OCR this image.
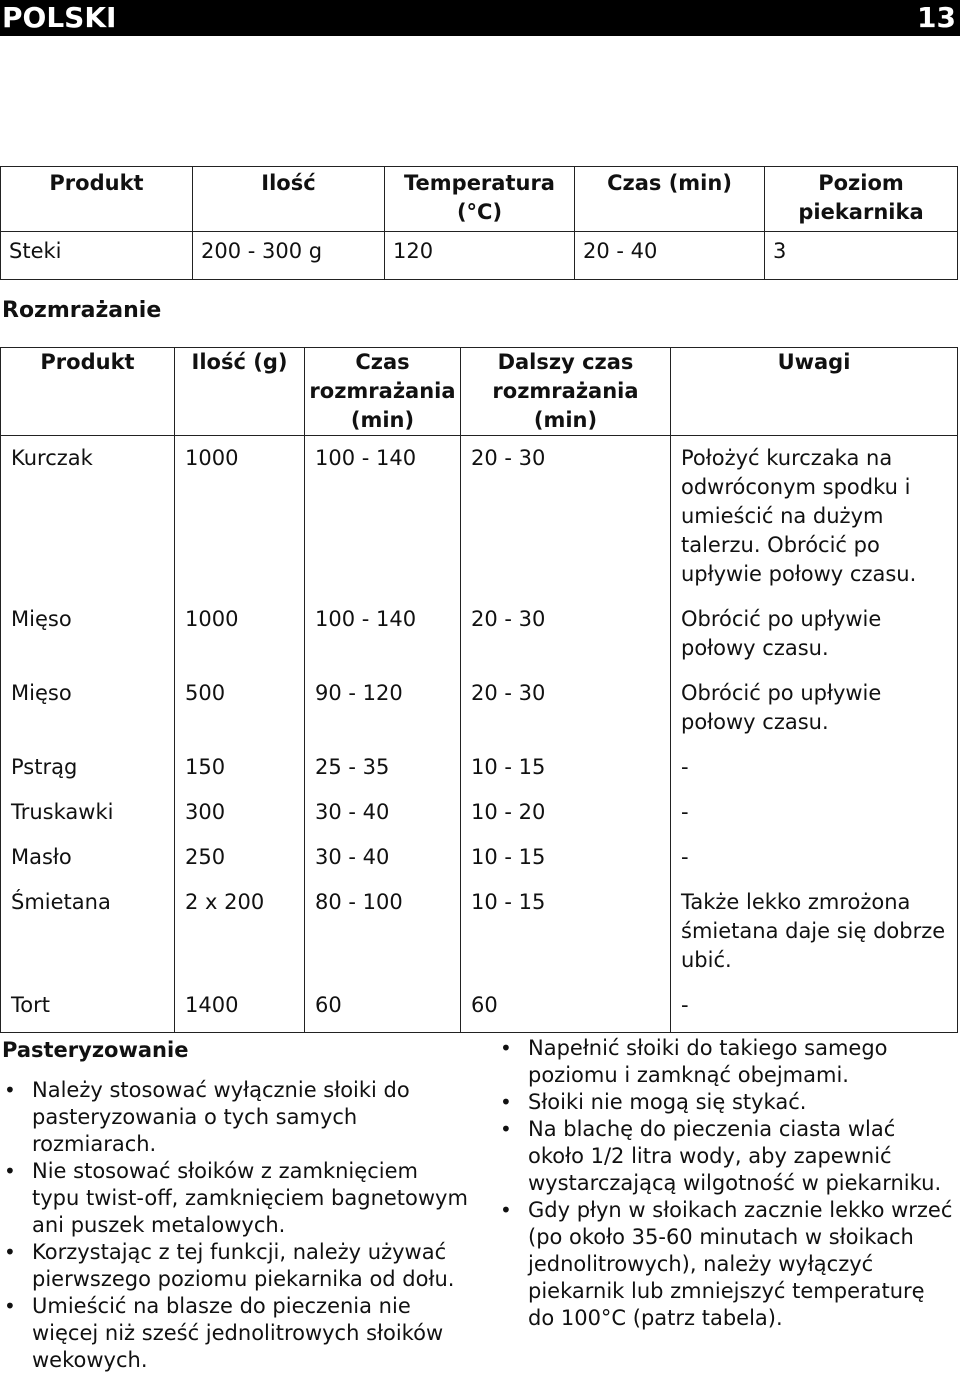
POLSKI	13
Produkt	Ilość	Temperatura (°C)	Czas (min)	Poziom piekarnika
Steki	200 - 300 g	120	20 - 40	3
Rozmrażanie
Produkt	Ilość (g)	Czas rozmrażania (min)	Dalszy czas rozmrażania (min)	Uwagi
Kurczak	1000	100 - 140	20 - 30	Położyć kurczaka na odwróconym spodku i umieścić na dużym talerzu. Obrócić po upływie połowy czasu.
Mięso	1000	100 - 140	20 - 30	Obrócić po upływie połowy czasu.
Mięso	500	90 - 120	20 - 30	Obrócić po upływie połowy czasu.
Pstrąg	150	25 - 35	10 - 15	-
Truskawki	300	30 - 40	10 - 20	-
Masło	250	30 - 40	10 - 15	-
Śmietana	2 x 200	80 - 100	10 - 15	Także lekko zmrożona śmietana daje się dobrze ubić.
Tort	1400	60	60	-
Pasteryzowanie
• Należy stosować wyłącznie słoiki do pasteryzowania o tych samych rozmiarach.
• Nie stosować słoików z zamknięciem typu twist-off, zamknięciem bagnetowym ani puszek metalowych.
• Korzystając z tej funkcji, należy używać pierwszego poziomu piekarnika od dołu.
• Umieścić na blasze do pieczenia nie więcej niż sześć jednolitrowych słoików wekowych.
• Napełnić słoiki do takiego samego poziomu i zamknąć obejmami.
• Słoiki nie mogą się stykać.
• Na blachę do pieczenia ciasta wlać około 1/2 litra wody, aby zapewnić wystarczającą wilgotność w piekarniku.
• Gdy płyn w słoikach zacznie lekko wrzeć (po około 35-60 minutach w słoikach jednolitrowych), należy wyłączyć piekarnik lub zmniejszyć temperaturę do 100°C (patrz tabela).
